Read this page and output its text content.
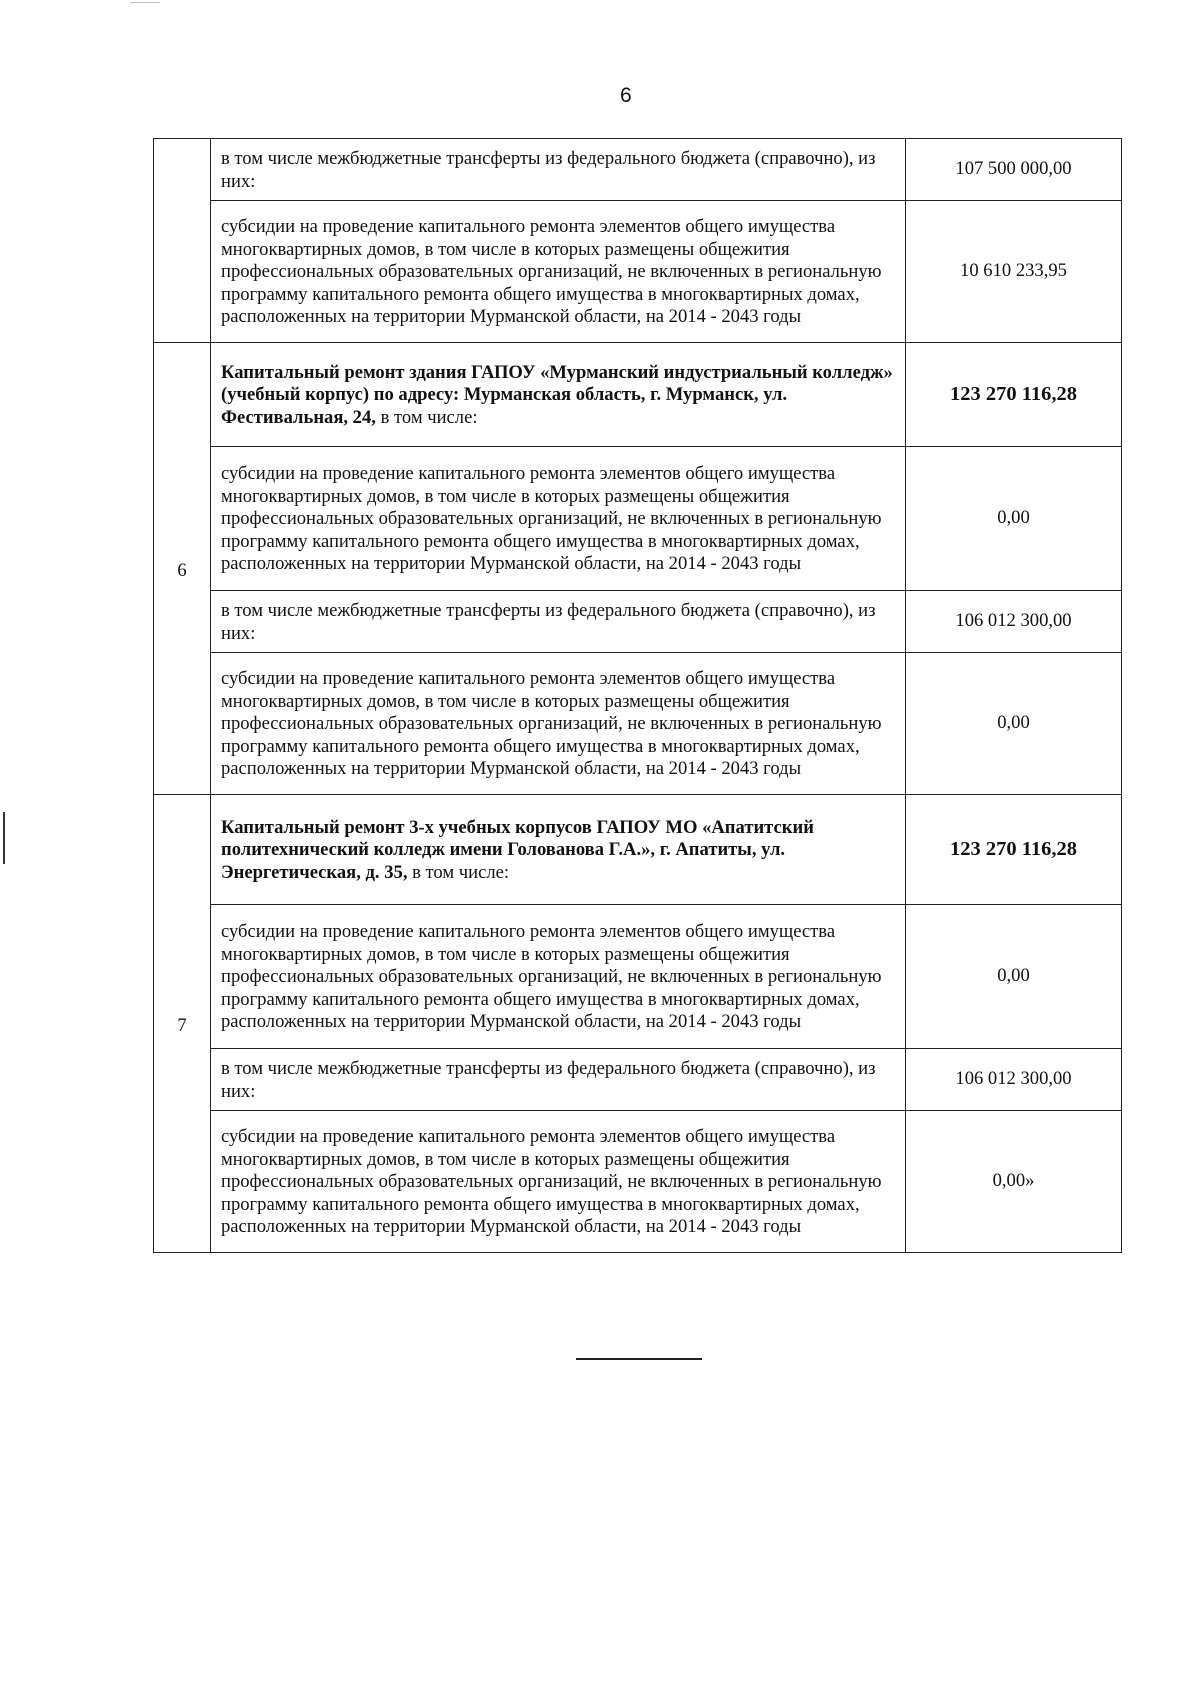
6
	в том числе межбюджетные трансферты из федерального бюджета (справочно), из них:	107 500 000,00
	субсидии на проведение капитального ремонта элементов общего имущества многоквартирных домов, в том числе в которых размещены общежития профессиональных образовательных организаций, не включенных в региональную программу капитального ремонта общего имущества в многоквартирных домах, расположенных на территории Мурманской области, на 2014 - 2043 годы	10 610 233,95
6	Капитальный ремонт здания ГАПОУ «Мурманский индустриальный колледж» (учебный корпус) по адресу: Мурманская область, г. Мурманск, ул. Фестивальная, 24, в том числе:	123 270 116,28
	субсидии на проведение капитального ремонта элементов общего имущества многоквартирных домов, в том числе в которых размещены общежития профессиональных образовательных организаций, не включенных в региональную программу капитального ремонта общего имущества в многоквартирных домах, расположенных на территории Мурманской области, на 2014 - 2043 годы	0,00
	в том числе межбюджетные трансферты из федерального бюджета (справочно), из них:	106 012 300,00
	субсидии на проведение капитального ремонта элементов общего имущества многоквартирных домов, в том числе в которых размещены общежития профессиональных образовательных организаций, не включенных в региональную программу капитального ремонта общего имущества в многоквартирных домах, расположенных на территории Мурманской области, на 2014 - 2043 годы	0,00
7	Капитальный ремонт 3-х учебных корпусов ГАПОУ МО «Апатитский политехнический колледж имени Голованова Г.А.», г. Апатиты, ул. Энергетическая, д. 35, в том числе:	123 270 116,28
	субсидии на проведение капитального ремонта элементов общего имущества многоквартирных домов, в том числе в которых размещены общежития профессиональных образовательных организаций, не включенных в региональную программу капитального ремонта общего имущества в многоквартирных домах, расположенных на территории Мурманской области, на 2014 - 2043 годы	0,00
	в том числе межбюджетные трансферты из федерального бюджета (справочно), из них:	106 012 300,00
	субсидии на проведение капитального ремонта элементов общего имущества многоквартирных домов, в том числе в которых размещены общежития профессиональных образовательных организаций, не включенных в региональную программу капитального ремонта общего имущества в многоквартирных домах, расположенных на территории Мурманской области, на 2014 - 2043 годы	0,00»
